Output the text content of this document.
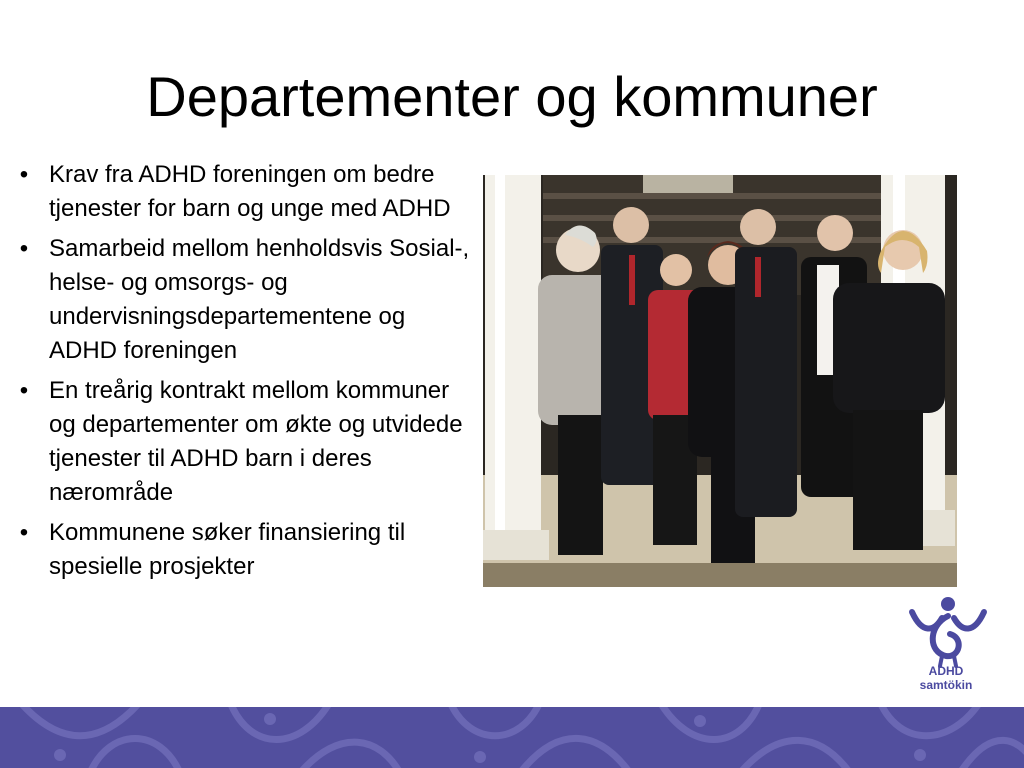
Departementer og kommuner
• Krav fra ADHD foreningen om bedre tjenester for barn og unge med ADHD
• Samarbeid mellom henholdsvis Sosial-, helse- og omsorgs- og undervisningsdepartementene og ADHD foreningen
• En treårig kontrakt mellom kommuner og departementer om økte og utvidede tjenester til ADHD barn i deres nærområde
• Kommunene søker finansiering til spesielle prosjekter
ADHD
samtökin
